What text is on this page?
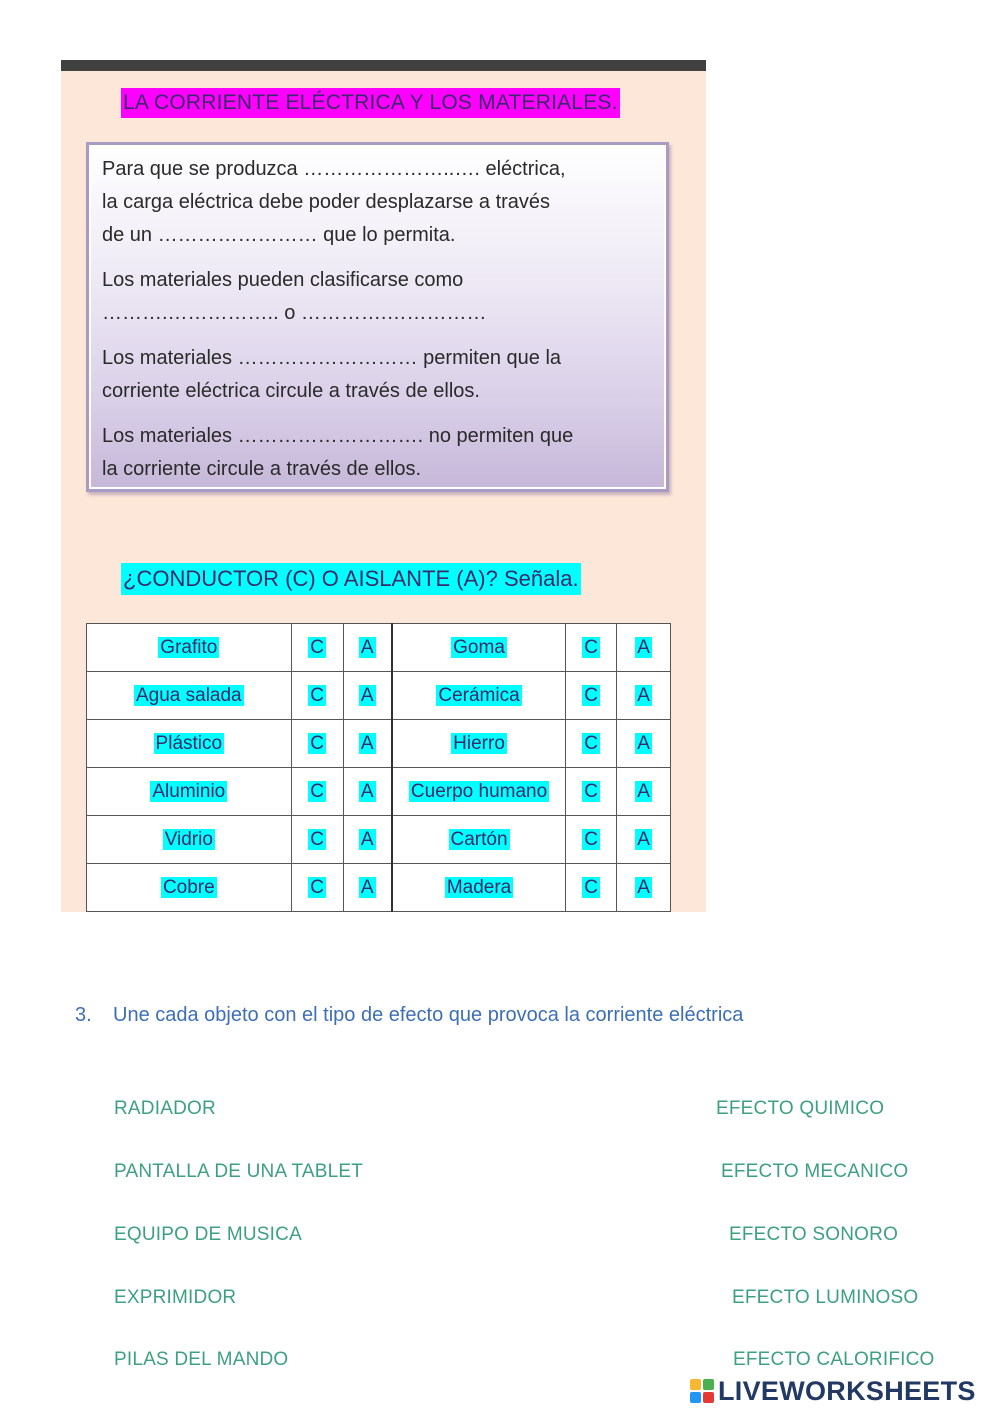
LA CORRIENTE ELÉCTRICA Y LOS MATERIALES.

Para que se produzca …………………..…. eléctrica,
la carga eléctrica debe poder desplazarse a través
de un …………………… que lo permita.

Los materiales pueden clasificarse como
……….…………….. o ………….……………

Los materiales ……………………… permiten que la
corriente eléctrica circule a través de ellos.

Los materiales ………………………. no permiten que
la corriente circule a través de ellos.

¿CONDUCTOR (C) O AISLANTE (A)? Señala.
Grafito	C	A	Goma	C	A
Agua salada	C	A	Cerámica	C	A
Plástico	C	A	Hierro	C	A
Aluminio	C	A	Cuerpo humano	C	A
Vidrio	C	A	Cartón	C	A
Cobre	C	A	Madera	C	A
3. Une cada objeto con el tipo de efecto que provoca la corriente eléctrica
RADIADOR
PANTALLA DE UNA TABLET
EQUIPO DE MUSICA
EXPRIMIDOR
PILAS DEL MANDO
EFECTO QUIMICO
EFECTO MECANICO
EFECTO SONORO
EFECTO LUMINOSO
EFECTO CALORIFICO
LIVEWORKSHEETS
